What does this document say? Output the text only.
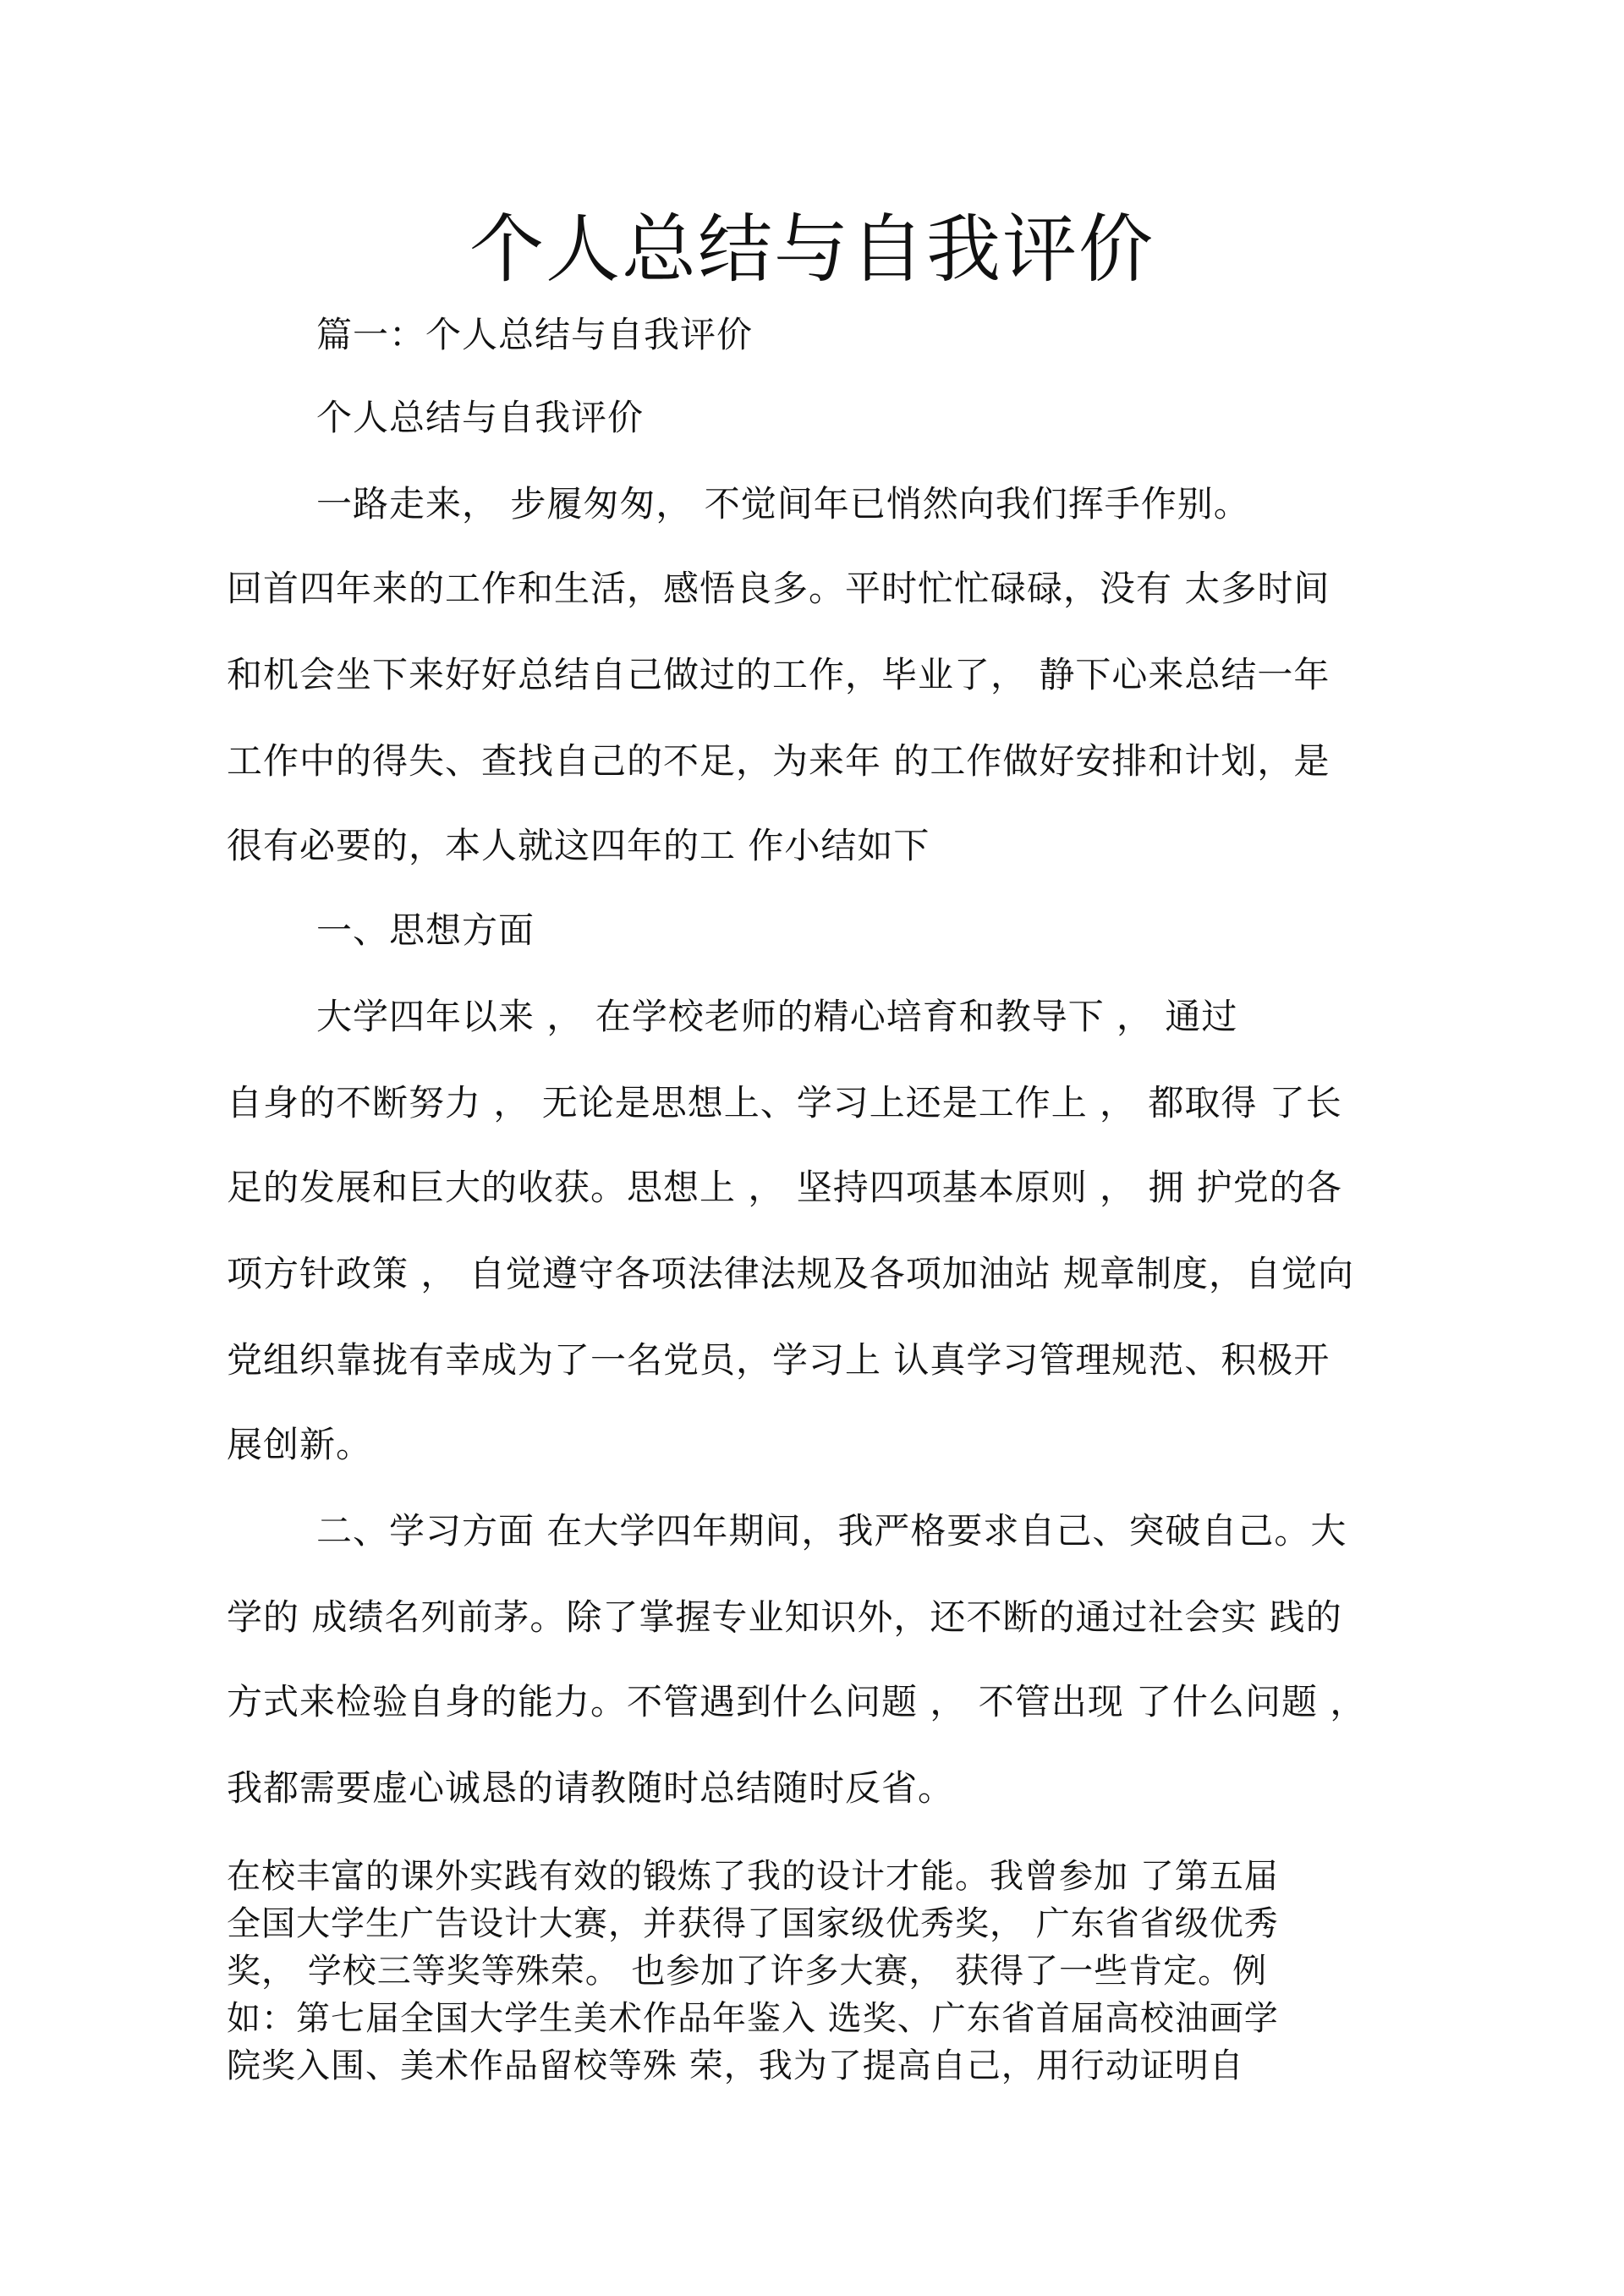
个人总结与自我评价
篇一：个人总结与自我评价
个人总结与自我评价
一路走来， 步履匆匆， 不觉间年已悄然向我们挥手作别。
回首四年来的工作和生活，感悟良多。平时忙忙碌碌，没有 太多时间
和机会坐下来好好总结自己做过的工作，毕业了， 静下心来总结一年
工作中的得失、查找自己的不足，为来年 的工作做好安排和计划，是
很有必要的，本人就这四年的工 作小结如下
一、思想方面
大学四年以来 ， 在学校老师的精心培育和教导下 ， 通过
自身的不断努力 ， 无论是思想上、学习上还是工作上 ， 都取得 了长
足的发展和巨大的收获。思想上 ， 坚持四项基本原则 ， 拥 护党的各
项方针政策 ， 自觉遵守各项法律法规及各项加油站 规章制度，自觉向
党组织靠拢有幸成为了一名党员，学习上 认真学习管理规范、积极开
展创新。
二、学习方面 在大学四年期间，我严格要求自己、突破自己。大
学的 成绩名列前茅。除了掌握专业知识外，还不断的通过社会实 践的
方式来检验自身的能力。不管遇到什么问题 ， 不管出现 了什么问题 ，
我都需要虚心诚恳的请教随时总结随时反省。
在校丰富的课外实践有效的锻炼了我的设计才能。我曾参加 了第五届
全国大学生广告设计大赛，并获得了国家级优秀奖， 广东省省级优秀
奖， 学校三等奖等殊荣。 也参加了许多大赛， 获得了一些肯定。例
如：第七届全国大学生美术作品年鉴入 选奖、广东省首届高校油画学
院奖入围、美术作品留校等殊 荣，我为了提高自己，用行动证明自
